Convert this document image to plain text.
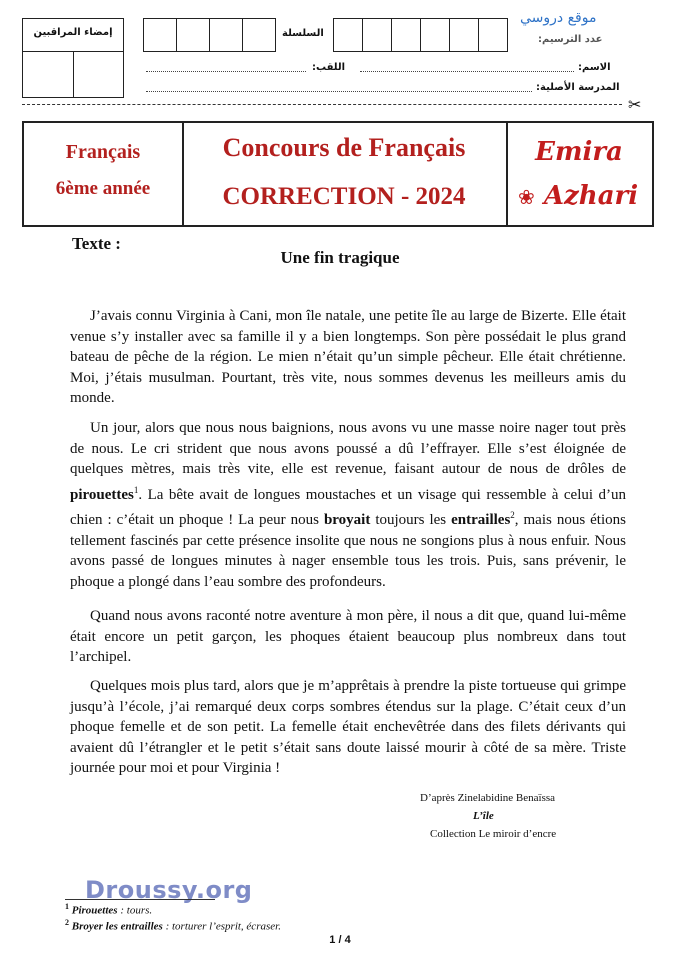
إمضاء المراقبين	السلسلة
عدد الترسيم:
موقع دروسي
اللقب:	الاسم:
المدرسة الأصلية:
✂
Français
6ème année
Concours de Français
CORRECTION - 2024
Emira
Azhari
❀
Texte :
Une fin tragique

J’avais connu Virginia à Cani, mon île natale, une petite île au large de Bizerte. Elle était venue s’y installer avec sa famille il y a bien longtemps. Son père possédait le plus grand bateau de pêche de la région. Le mien n’était qu’un simple pêcheur. Elle était chrétienne. Moi, j’étais musulman. Pourtant, très vite, nous sommes devenus les meilleurs amis du monde.

Un jour, alors que nous nous baignions, nous avons vu une masse noire nager tout près de nous. Le cri strident que nous avons poussé a dû l’effrayer. Elle s’est éloignée de quelques mètres, mais très vite, elle est revenue, faisant autour de nous de drôles de pirouettes$^1$. La bête avait de longues moustaches et un visage qui ressemble à celui d’un chien : c’était un phoque ! La peur nous broyait toujours les entrailles$^2$, mais nous étions tellement fascinés par cette présence insolite que nous ne songions plus à nous enfuir. Nous avons passé de longues minutes à nager ensemble tous les trois. Puis, sans prévenir, le phoque a plongé dans l’eau sombre des profondeurs.

Quand nous avons raconté notre aventure à mon père, il nous a dit que, quand lui-même était encore un petit garçon, les phoques étaient beaucoup plus nombreux dans tout l’archipel.

Quelques mois plus tard, alors que je m’apprêtais à prendre la piste tortueuse qui grimpe jusqu’à l’école, j’ai remarqué deux corps sombres étendus sur la plage. C’était ceux d’un phoque femelle et de son petit. La femelle était enchevêtrée dans des filets dérivants qui avaient dû l’étrangler et le petit s’était sans doute laissé mourir à côté de sa mère. Triste journée pour moi et pour Virginia !

D’après Zinelabidine Benaïssa
L’île
Collection Le miroir d’encre
Droussy.org
$^1$ Pirouettes : tours.
$^2$ Broyer les entrailles : torturer l’esprit, écraser.
1 / 4
